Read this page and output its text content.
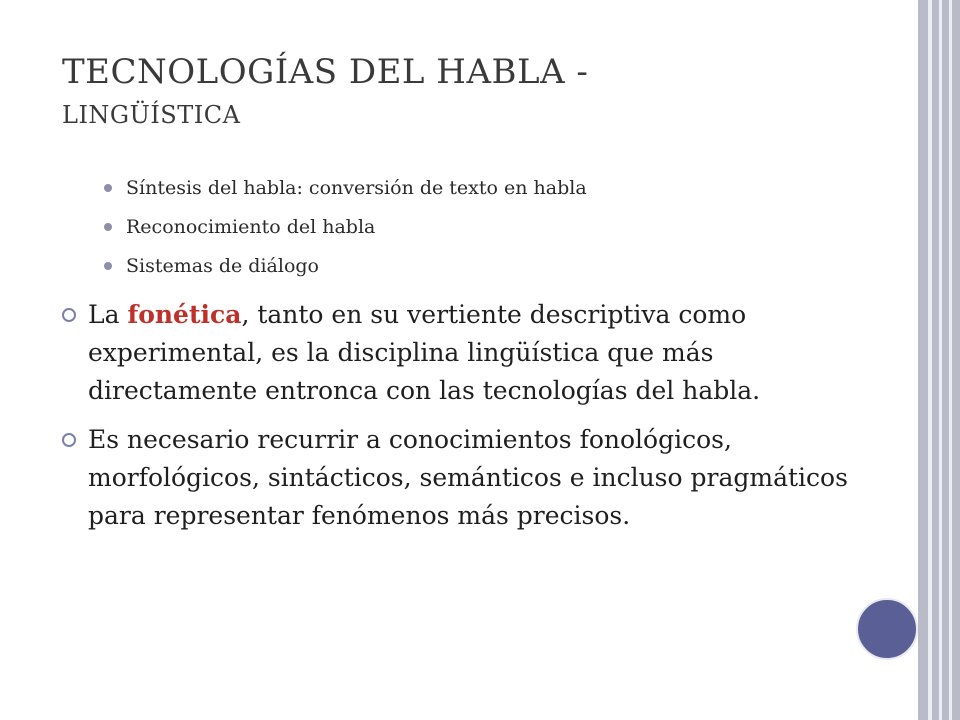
TECNOLOGÍAS DEL HABLA -
LINGÜÍSTICA
Síntesis del habla: conversión de texto en habla
Reconocimiento del habla
Sistemas de diálogo
La fonética, tanto en su vertiente descriptiva como experimental, es la disciplina lingüística que más directamente entronca con las tecnologías del habla.
Es necesario recurrir a conocimientos fonológicos, morfológicos, sintácticos, semánticos e incluso pragmáticos para representar fenómenos más precisos.
